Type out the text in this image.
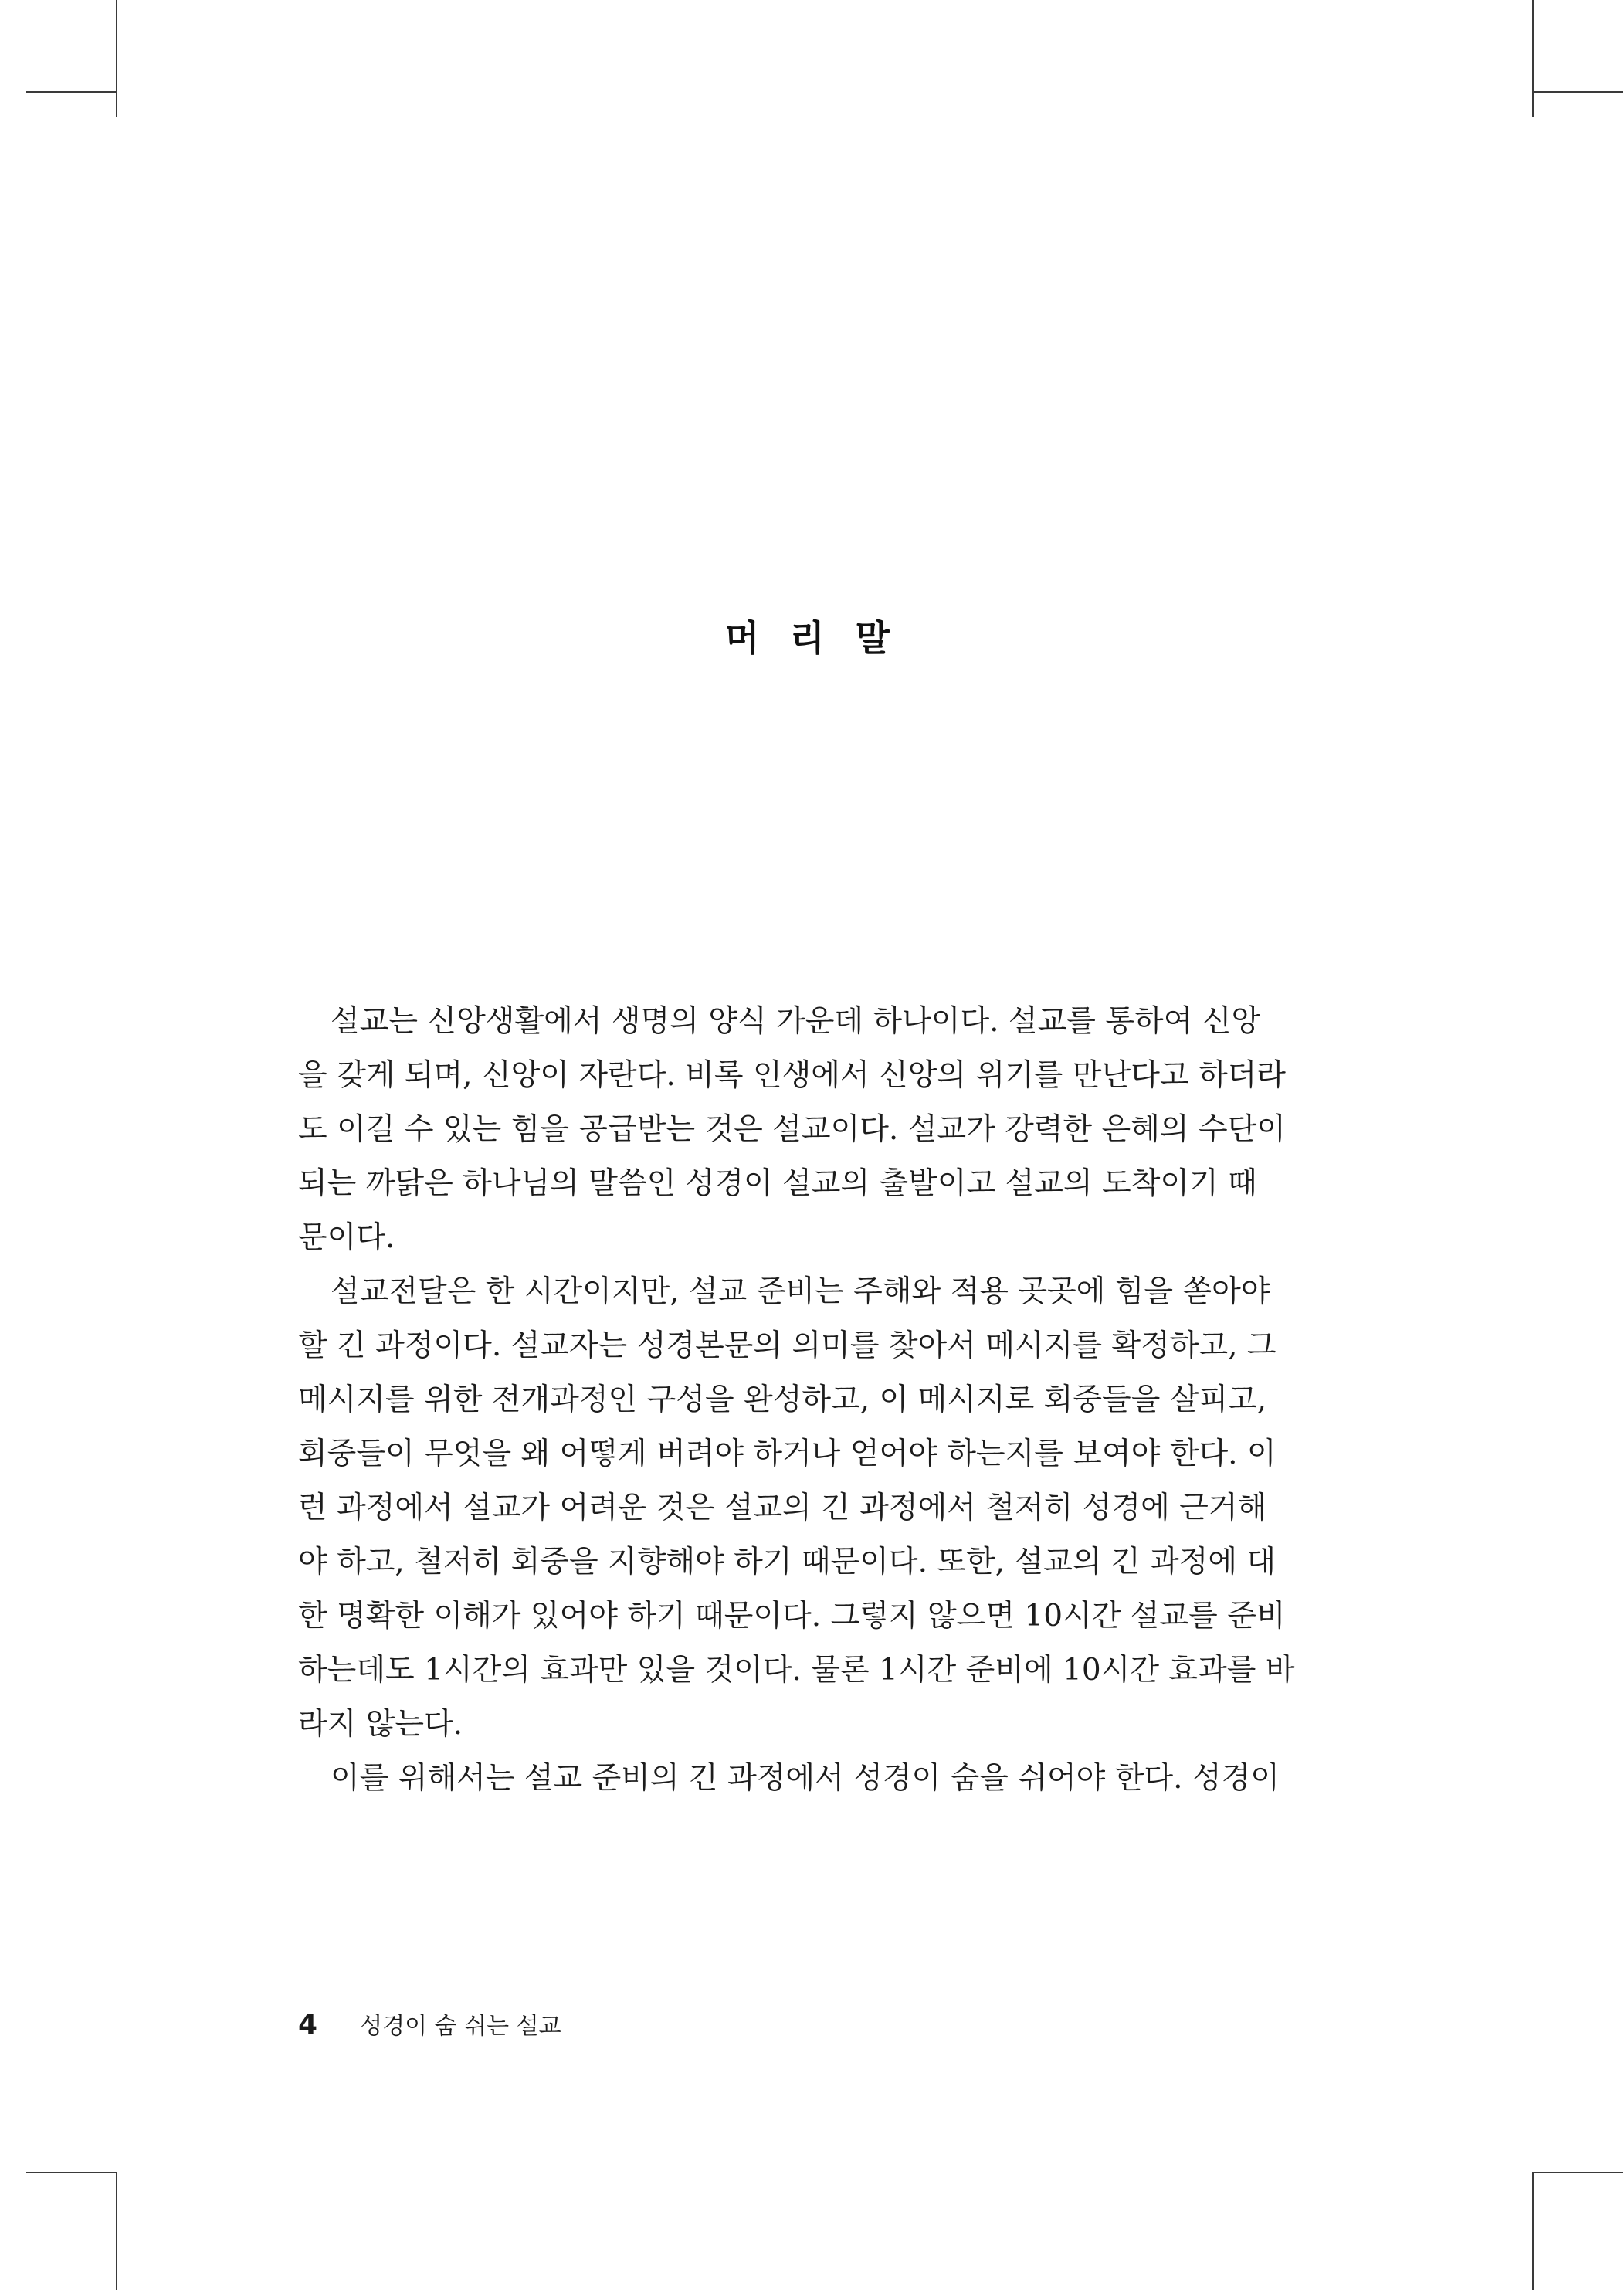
머 리 말
설교는 신앙생활에서 생명의 양식 가운데 하나이다. 설교를 통하여 신앙
을 갖게 되며, 신앙이 자란다. 비록 인생에서 신앙의 위기를 만난다고 하더라
도 이길 수 있는 힘을 공급받는 것은 설교이다. 설교가 강력한 은혜의 수단이
되는 까닭은 하나님의 말씀인 성경이 설교의 출발이고 설교의 도착이기 때
문이다.
설교전달은 한 시간이지만, 설교 준비는 주해와 적용 곳곳에 힘을 쏟아야
할 긴 과정이다. 설교자는 성경본문의 의미를 찾아서 메시지를 확정하고, 그
메시지를 위한 전개과정인 구성을 완성하고, 이 메시지로 회중들을 살피고,
회중들이 무엇을 왜 어떻게 버려야 하거나 얻어야 하는지를 보여야 한다. 이
런 과정에서 설교가 어려운 것은 설교의 긴 과정에서 철저히 성경에 근거해
야 하고, 철저히 회중을 지향해야 하기 때문이다. 또한, 설교의 긴 과정에 대
한 명확한 이해가 있어야 하기 때문이다. 그렇지 않으면 10시간 설교를 준비
하는데도 1시간의 효과만 있을 것이다. 물론 1시간 준비에 10시간 효과를 바
라지 않는다.
이를 위해서는 설교 준비의 긴 과정에서 성경이 숨을 쉬어야 한다. 성경이
4 성경이 숨 쉬는 설교
